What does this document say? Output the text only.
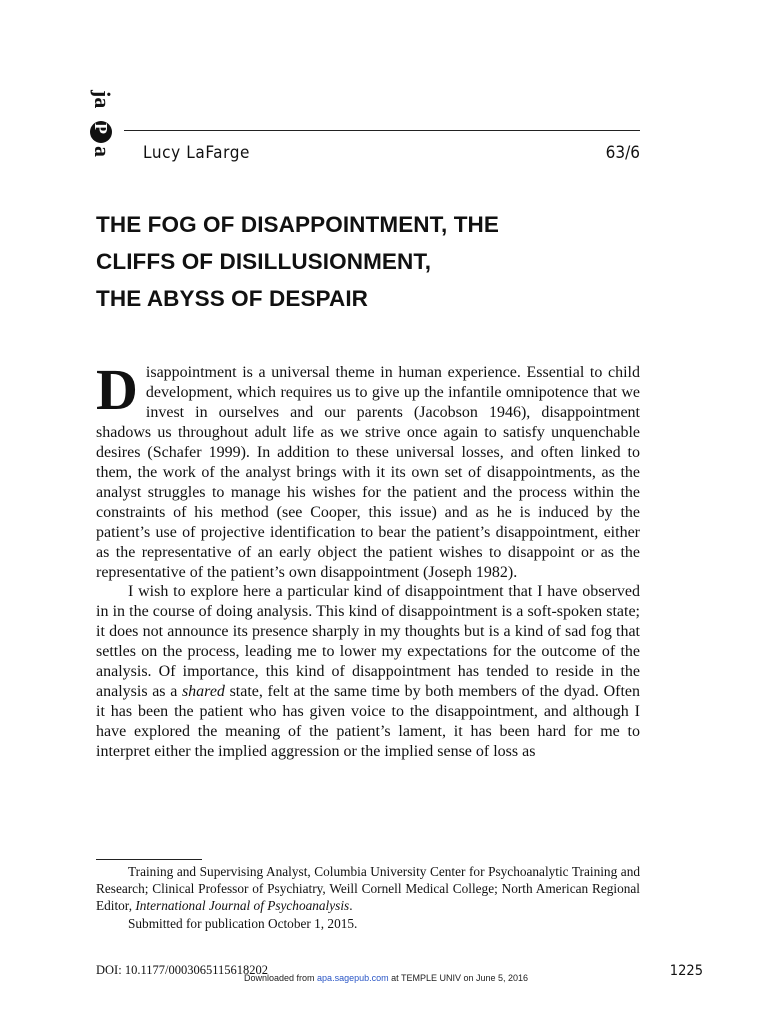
ja
P
a Lucy LaFarge	63/6
THE FOG OF DISAPPOINTMENT, THE
CLIFFS OF DISILLUSIONMENT,
THE ABYSS OF DESPAIR

Disappointment is a universal theme in human experience. Essential to child development, which requires us to give up the infantile omnipotence that we invest in ourselves and our parents (Jacobson 1946), disappointment shadows us throughout adult life as we strive once again to satisfy unquenchable desires (Schafer 1999). In addition to these universal losses, and often linked to them, the work of the analyst brings with it its own set of disappointments, as the analyst struggles to manage his wishes for the patient and the process within the constraints of his method (see Cooper, this issue) and as he is induced by the patient’s use of projective identification to bear the patient’s disappointment, either as the representative of an early object the patient wishes to disappoint or as the representative of the patient’s own disappointment (Joseph 1982).

I wish to explore here a particular kind of disappointment that I have observed in in the course of doing analysis. This kind of disappointment is a soft-spoken state; it does not announce its presence sharply in my thoughts but is a kind of sad fog that settles on the process, leading me to lower my expectations for the outcome of the analysis. Of importance, this kind of disappointment has tended to reside in the analysis as a shared state, felt at the same time by both members of the dyad. Often it has been the patient who has given voice to the disappointment, and although I have explored the meaning of the patient’s lament, it has been hard for me to interpret either the implied aggression or the implied sense of loss as

Training and Supervising Analyst, Columbia University Center for Psychoanalytic Training and Research; Clinical Professor of Psychiatry, Weill Cornell Medical College; North American Regional Editor, International Journal of Psychoanalysis.

Submitted for publication October 1, 2015.

DOI: 10.1177/0003065115618202
Downloaded from apa.sagepub.com at TEMPLE UNIV on June 5, 2016	1225
